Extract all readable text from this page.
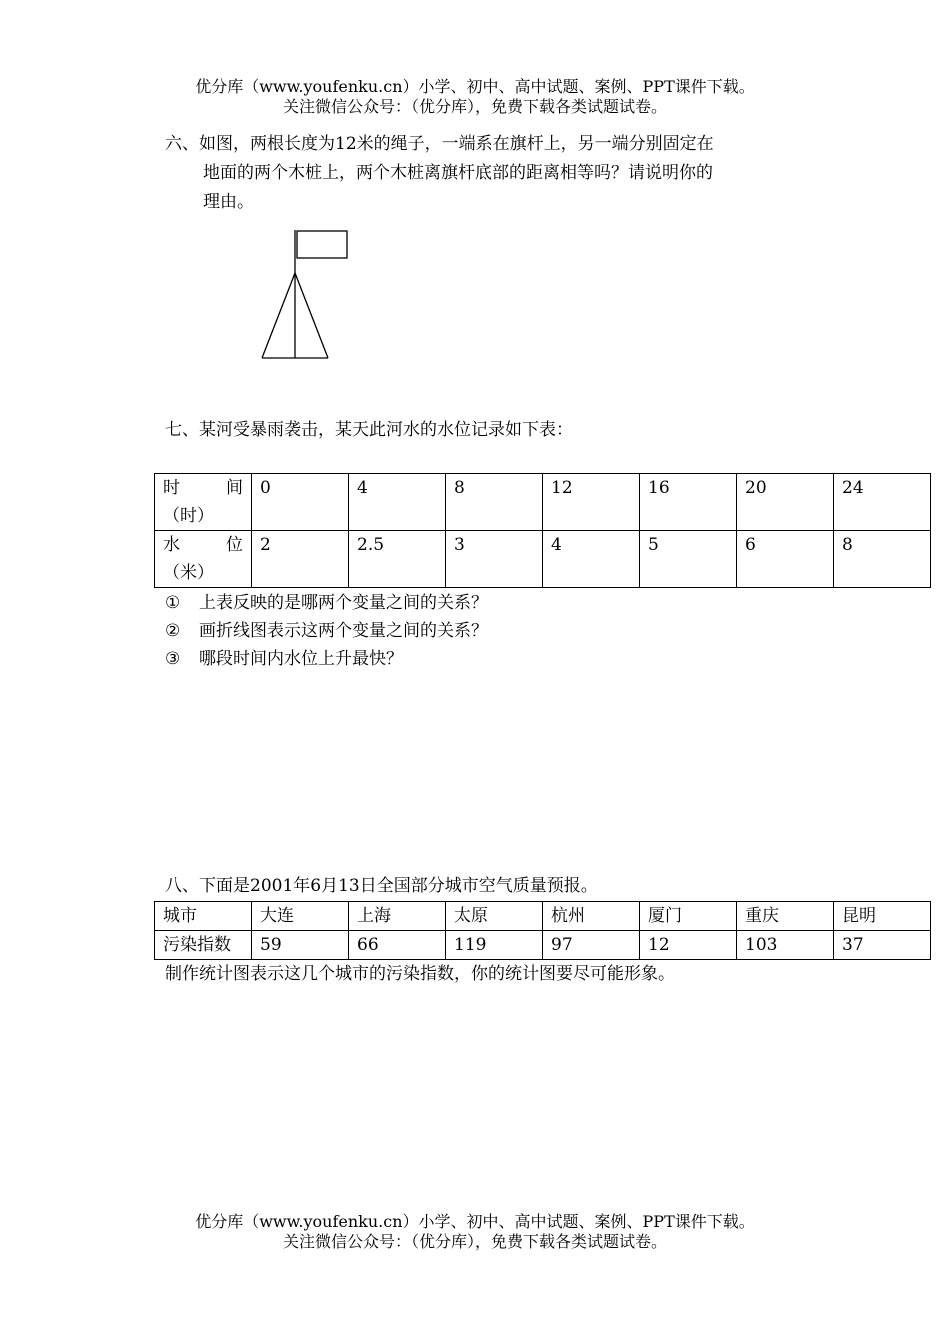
优分库（www.youfenku.cn）小学、初中、高中试题、案例、PPT课件下载。
关注微信公众号：（优分库），免费下载各类试题试卷。
六、如图，两根长度为12米的绳子，一端系在旗杆上，另一端分别固定在
地面的两个木桩上，两个木桩离旗杆底部的距离相等吗？请说明你的
理由。
七、某河受暴雨袭击，某天此河水的水位记录如下表：
时 间
（时）	0	4	8	12	16	20	24

水 位
（米）	2	2.5	3	4	5	6	8
① 上表反映的是哪两个变量之间的关系？
② 画折线图表示这两个变量之间的关系？
③ 哪段时间内水位上升最快？
八、下面是2001年6月13日全国部分城市空气质量预报。
城市	大连	上海	太原	杭州	厦门	重庆	昆明
污染指数	59	66	119	97	12	103	37
制作统计图表示这几个城市的污染指数，你的统计图要尽可能形象。
优分库（www.youfenku.cn）小学、初中、高中试题、案例、PPT课件下载。
关注微信公众号：（优分库），免费下载各类试题试卷。
